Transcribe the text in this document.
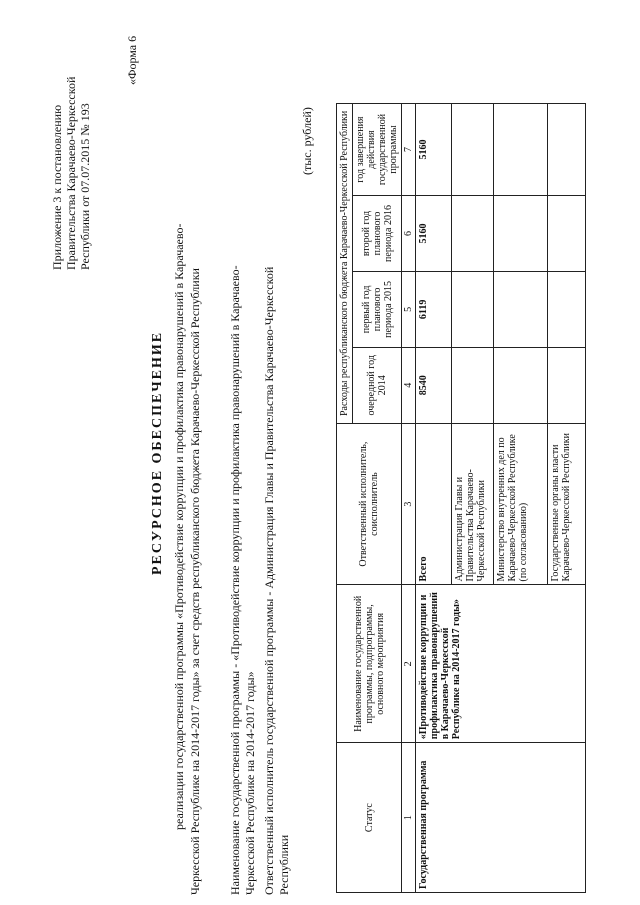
Приложение 3 к постановлению Правительства Карачаево-Черкесской Республики от 07.07.2015 № 193
«Форма 6
РЕСУРСНОЕ ОБЕСПЕЧЕНИЕ реализации государственной программы «Противодействие коррупции и профилактика правонарушений в Карачаево- Черкесской Республике на 2014-2017 годы» за счет средств республиканского бюджета Карачаево-Черкесской Республики Наименование государственной программы - «Противодействие коррупции и профилактика правонарушений в Карачаево- Черкесской Республике на 2014-2017 годы» Ответственный исполнитель государственной программы - Администрация Главы и Правительства Карачаево-Черкесской Республики
(тыс. рублей)
Статус	Наименование государственной программы, подпрограммы, основного мероприятия	Ответственный исполнитель, соисполнитель	Расходы республиканского бюджета Карачаево-Черкесской Республики			
			очередной год 2014	первый год планового периода 2015	второй год планового периода 2016	год завершения действия государственной программы
1	2	3	4	5	6	7
Государственная программа	«Противодействие коррупции и профилактика правонарушений в Карачаево-Черкесской Республике на 2014-2017 годы»	Всего	8540	6119	5160	5160
		Администрация Главы и Правительства Карачаево-Черкесской Республики				
		Министерство внутренних дел по Карачаево-Черкесской Республике (по согласованию)				
		Государственные органы власти Карачаево-Черкесской Республики				
